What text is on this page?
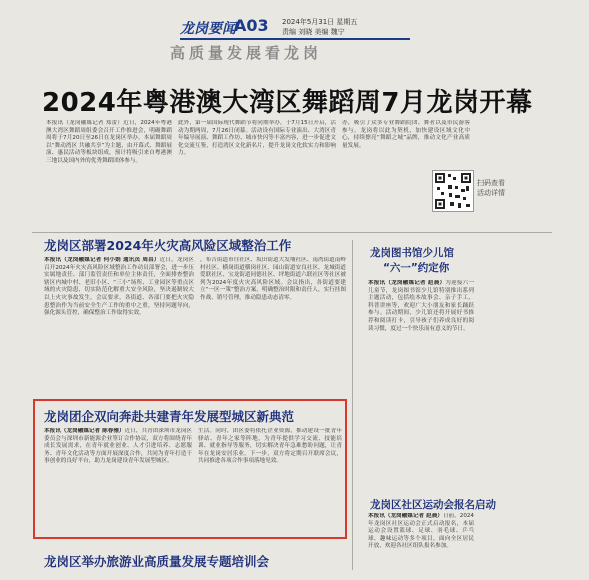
龙岗要闻
A03 2024年5月31日 星期五
责编 刘晓 美编 魏宁
高质量发展看龙岗
2024年粤港澳大湾区舞蹈周7月龙岗开幕
本报讯（龙岗融媒记者 郑蕾）近日，2024年粤港澳大湾区舞蹈周组委会召开工作推进会，明确舞蹈周将于7月20日至26日在龙岗区举办。本届舞蹈周以“舞动湾区 共融共享”为主题，由开幕式、舞蹈展演、惠民活动等板块组成，预计将吸引来自粤港澳三地以及国内外的优秀舞蹈团体参与。
此外，第一届国际现代舞蹈节将同期举办，于7月15日开启，活动为期两周，7月26日闭幕。活动设有国际专业演出、大湾区青年编导展演、舞蹈工作坊、城市快闪等丰富内容，进一步促进文化交流互鉴，打造湾区文化新名片，提升龙岗文化软实力和影响力。
办，吸引了众多专业舞蹈院团、舞者以及市民游客参与。龙岗将以此为契机，加快建设区域文化中心，持续擦亮“舞蹈之城”品牌，推动文化产业高质量发展。
扫码查看
活动详情
龙岗区部署2024年火灾高风险区域整治工作
本报讯（龙岗融媒记者 何小娟 通讯员 周昌）近日，龙岗区召开2024年火灾高风险区域整治工作动员部署会，进一步压实属地责任、部门监管责任和单位主体责任，全面排查整治辖区内城中村、老旧小区、“三小”场所、工业园区等重点区域的火灾隐患，切实防范化解重大安全风险，坚决遏制较大以上火灾事故发生。会议要求，各街道、各部门要把火灾隐患整治作为当前安全生产工作的重中之重，坚持问题导向，强化源头管控，确保整治工作取得实效。
，布吉街道市往社区、坂田街道大发埔社区、南湾街道南岭村社区、横岗街道横岗社区、园山街道安良社区、龙城街道爱联社区、宝龙街道同德社区、坪地街道六联社区等社区被列为2024年度火灾高风险区域。会议指出，各街道要建立“一区一策”整治方案，明确整治时限和责任人，实行挂图作战、销号管理，推动隐患动态清零。
龙岗图书馆少儿馆
“六一”约定你
本报讯（龙岗融媒记者 赵晨）为迎接六一儿童节，龙岗图书馆少儿馆特别推出系列主题活动，包括绘本故事会、亲子手工、科普讲座等，欢迎广大小朋友和家长踊跃参与。活动期间，少儿馆还将开展好书推荐和阅读打卡，引导孩子们养成良好的阅读习惯，度过一个快乐而有意义的节日。
龙岗团企双向奔赴共建青年发展型城区新典范
本报讯（龙岗融媒记者 陈春雅）近日，共青团深圳市龙岗区委员会与深圳市新能源企业签订合作协议，双方将围绕青年成长发展需求，在青年就业创业、人才引进培养、志愿服务、青年文化活动等方面开展深度合作，共同为青年打造干事创业的良好平台，助力龙岗建设青年发展型城区。
生活。同时，团区委将依托企业资源，推动建设一批青年驿站、青年之家等阵地，为青年提供学习交流、技能培训、就业指导等服务，切实解决青年急难愁盼问题，让青年在龙岗安居乐业。下一步，双方将定期召开联席会议，共同推进各项合作事项落地见效。
龙岗区社区运动会报名启动
本报讯（龙岗融媒记者 赵晨）日前，2024年龙岗区社区运动会正式启动报名，本届运动会设置篮球、足球、羽毛球、乒乓球、趣味运动等多个项目，面向全区居民开放，欢迎各社区组队报名参加。
龙岗区举办旅游业高质量发展专题培训会
